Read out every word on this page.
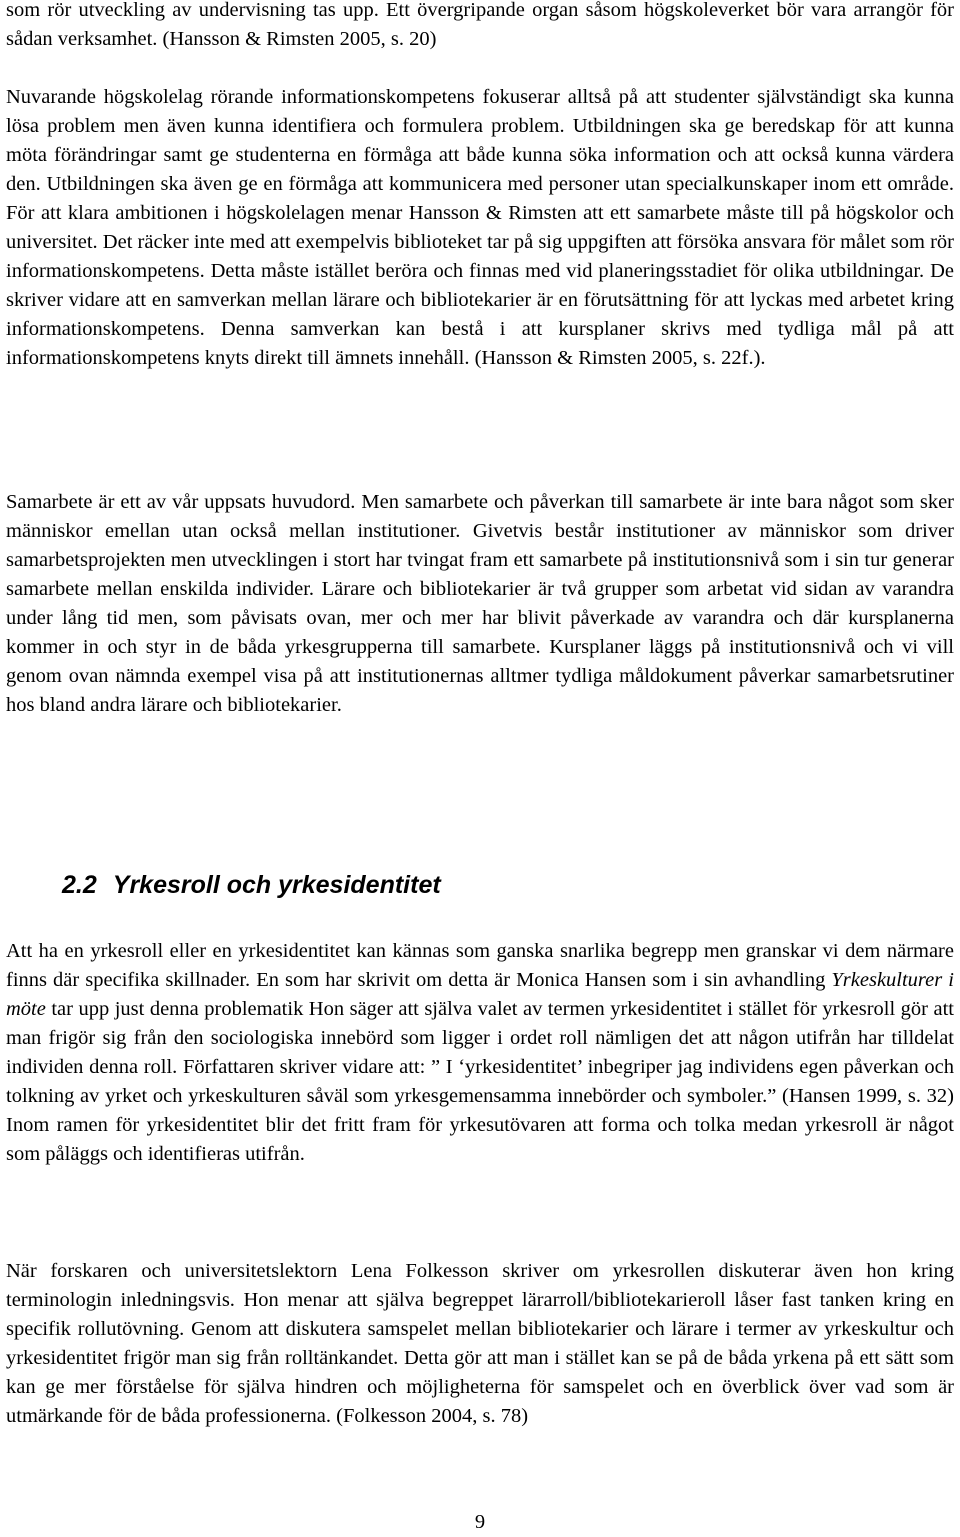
som rör utveckling av undervisning tas upp. Ett övergripande organ såsom högskoleverket bör vara arrangör för sådan verksamhet. (Hansson & Rimsten 2005, s. 20)

Nuvarande högskolelag rörande informationskompetens fokuserar alltså på att studenter självständigt ska kunna lösa problem men även kunna identifiera och formulera problem. Utbildningen ska ge beredskap för att kunna möta förändringar samt ge studenterna en förmåga att både kunna söka information och att också kunna värdera den. Utbildningen ska även ge en förmåga att kommunicera med personer utan specialkunskaper inom ett område. För att klara ambitionen i högskolelagen menar Hansson & Rimsten att ett samarbete måste till på högskolor och universitet. Det räcker inte med att exempelvis biblioteket tar på sig uppgiften att försöka ansvara för målet som rör informationskompetens. Detta måste istället beröra och finnas med vid planeringsstadiet för olika utbildningar. De skriver vidare att en samverkan mellan lärare och bibliotekarier är en förutsättning för att lyckas med arbetet kring informationskompetens. Denna samverkan kan bestå i att kursplaner skrivs med tydliga mål på att informationskompetens knyts direkt till ämnets innehåll. (Hansson & Rimsten 2005, s. 22f.).

Samarbete är ett av vår uppsats huvudord. Men samarbete och påverkan till samarbete är inte bara något som sker människor emellan utan också mellan institutioner. Givetvis består institutioner av människor som driver samarbetsprojekten men utvecklingen i stort har tvingat fram ett samarbete på institutionsnivå som i sin tur generar samarbete mellan enskilda individer. Lärare och bibliotekarier är två grupper som arbetat vid sidan av varandra under lång tid men, som påvisats ovan, mer och mer har blivit påverkade av varandra och där kursplanerna kommer in och styr in de båda yrkesgrupperna till samarbete. Kursplaner läggs på institutionsnivå och vi vill genom ovan nämnda exempel visa på att institutionernas alltmer tydliga måldokument påverkar samarbetsrutiner hos bland andra lärare och bibliotekarier.

2.2 Yrkesroll och yrkesidentitet

Att ha en yrkesroll eller en yrkesidentitet kan kännas som ganska snarlika begrepp men granskar vi dem närmare finns där specifika skillnader. En som har skrivit om detta är Monica Hansen som i sin avhandling Yrkeskulturer i möte tar upp just denna problematik Hon säger att själva valet av termen yrkesidentitet i stället för yrkesroll gör att man frigör sig från den sociologiska innebörd som ligger i ordet roll nämligen det att någon utifrån har tilldelat individen denna roll. Författaren skriver vidare att: ” I ‘yrkesidentitet’ inbegriper jag individens egen påverkan och tolkning av yrket och yrkeskulturen såväl som yrkesgemensamma innebörder och symboler.” (Hansen 1999, s. 32) Inom ramen för yrkesidentitet blir det fritt fram för yrkesutövaren att forma och tolka medan yrkesroll är något som påläggs och identifieras utifrån.

När forskaren och universitetslektorn Lena Folkesson skriver om yrkesrollen diskuterar även hon kring terminologin inledningsvis. Hon menar att själva begreppet lärarroll/bibliotekarieroll låser fast tanken kring en specifik rollutövning. Genom att diskutera samspelet mellan bibliotekarier och lärare i termer av yrkeskultur och yrkesidentitet frigör man sig från rolltänkandet. Detta gör att man i stället kan se på de båda yrkena på ett sätt som kan ge mer förståelse för själva hindren och möjligheterna för samspelet och en överblick över vad som är utmärkande för de båda professionerna. (Folkesson 2004, s. 78)

9
